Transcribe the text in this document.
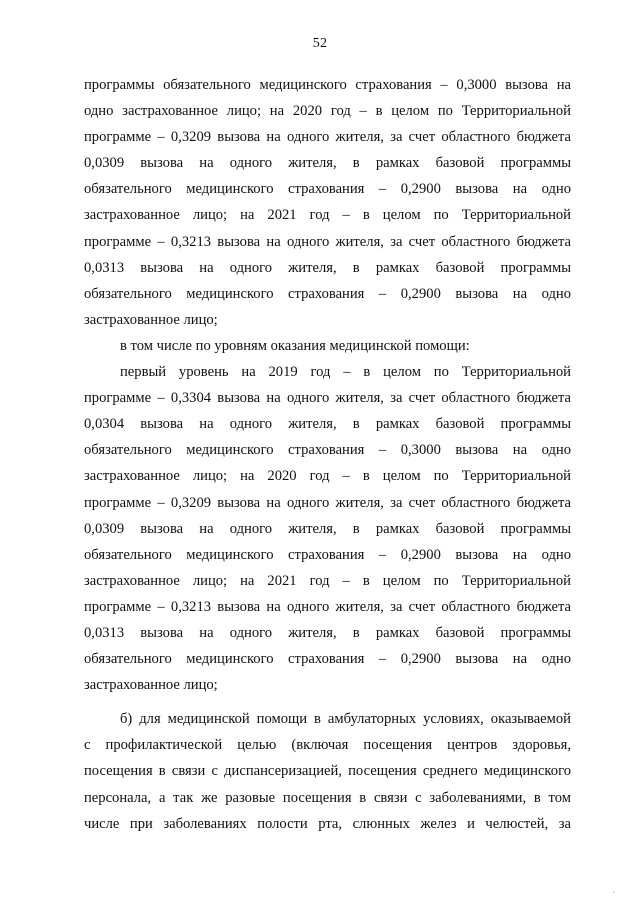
52

программы обязательного медицинского страхования – 0,3000 вызова на
одно застрахованное лицо; на 2020 год – в целом по Территориальной
программе – 0,3209 вызова на одного жителя, за счет областного бюджета
0,0309 вызова на одного жителя, в рамках базовой программы
обязательного медицинского страхования – 0,2900 вызова на одно
застрахованное лицо; на 2021 год – в целом по Территориальной
программе – 0,3213 вызова на одного жителя, за счет областного бюджета
0,0313 вызова на одного жителя, в рамках базовой программы
обязательного медицинского страхования – 0,2900 вызова на одно
застрахованное лицо;

в том числе по уровням оказания медицинской помощи:

первый уровень на 2019 год – в целом по Территориальной
программе – 0,3304 вызова на одного жителя, за счет областного бюджета
0,0304 вызова на одного жителя, в рамках базовой программы
обязательного медицинского страхования – 0,3000 вызова на одно
застрахованное лицо; на 2020 год – в целом по Территориальной
программе – 0,3209 вызова на одного жителя, за счет областного бюджета
0,0309 вызова на одного жителя, в рамках базовой программы
обязательного медицинского страхования – 0,2900 вызова на одно
застрахованное лицо; на 2021 год – в целом по Территориальной
программе – 0,3213 вызова на одного жителя, за счет областного бюджета
0,0313 вызова на одного жителя, в рамках базовой программы
обязательного медицинского страхования – 0,2900 вызова на одно
застрахованное лицо;

б) для медицинской помощи в амбулаторных условиях, оказываемой
с профилактической целью (включая посещения центров здоровья,
посещения в связи с диспансеризацией, посещения среднего медицинского
персонала, а так же разовые посещения в связи с заболеваниями, в том
числе при заболеваниях полости рта, слюнных желез и челюстей, за

·
